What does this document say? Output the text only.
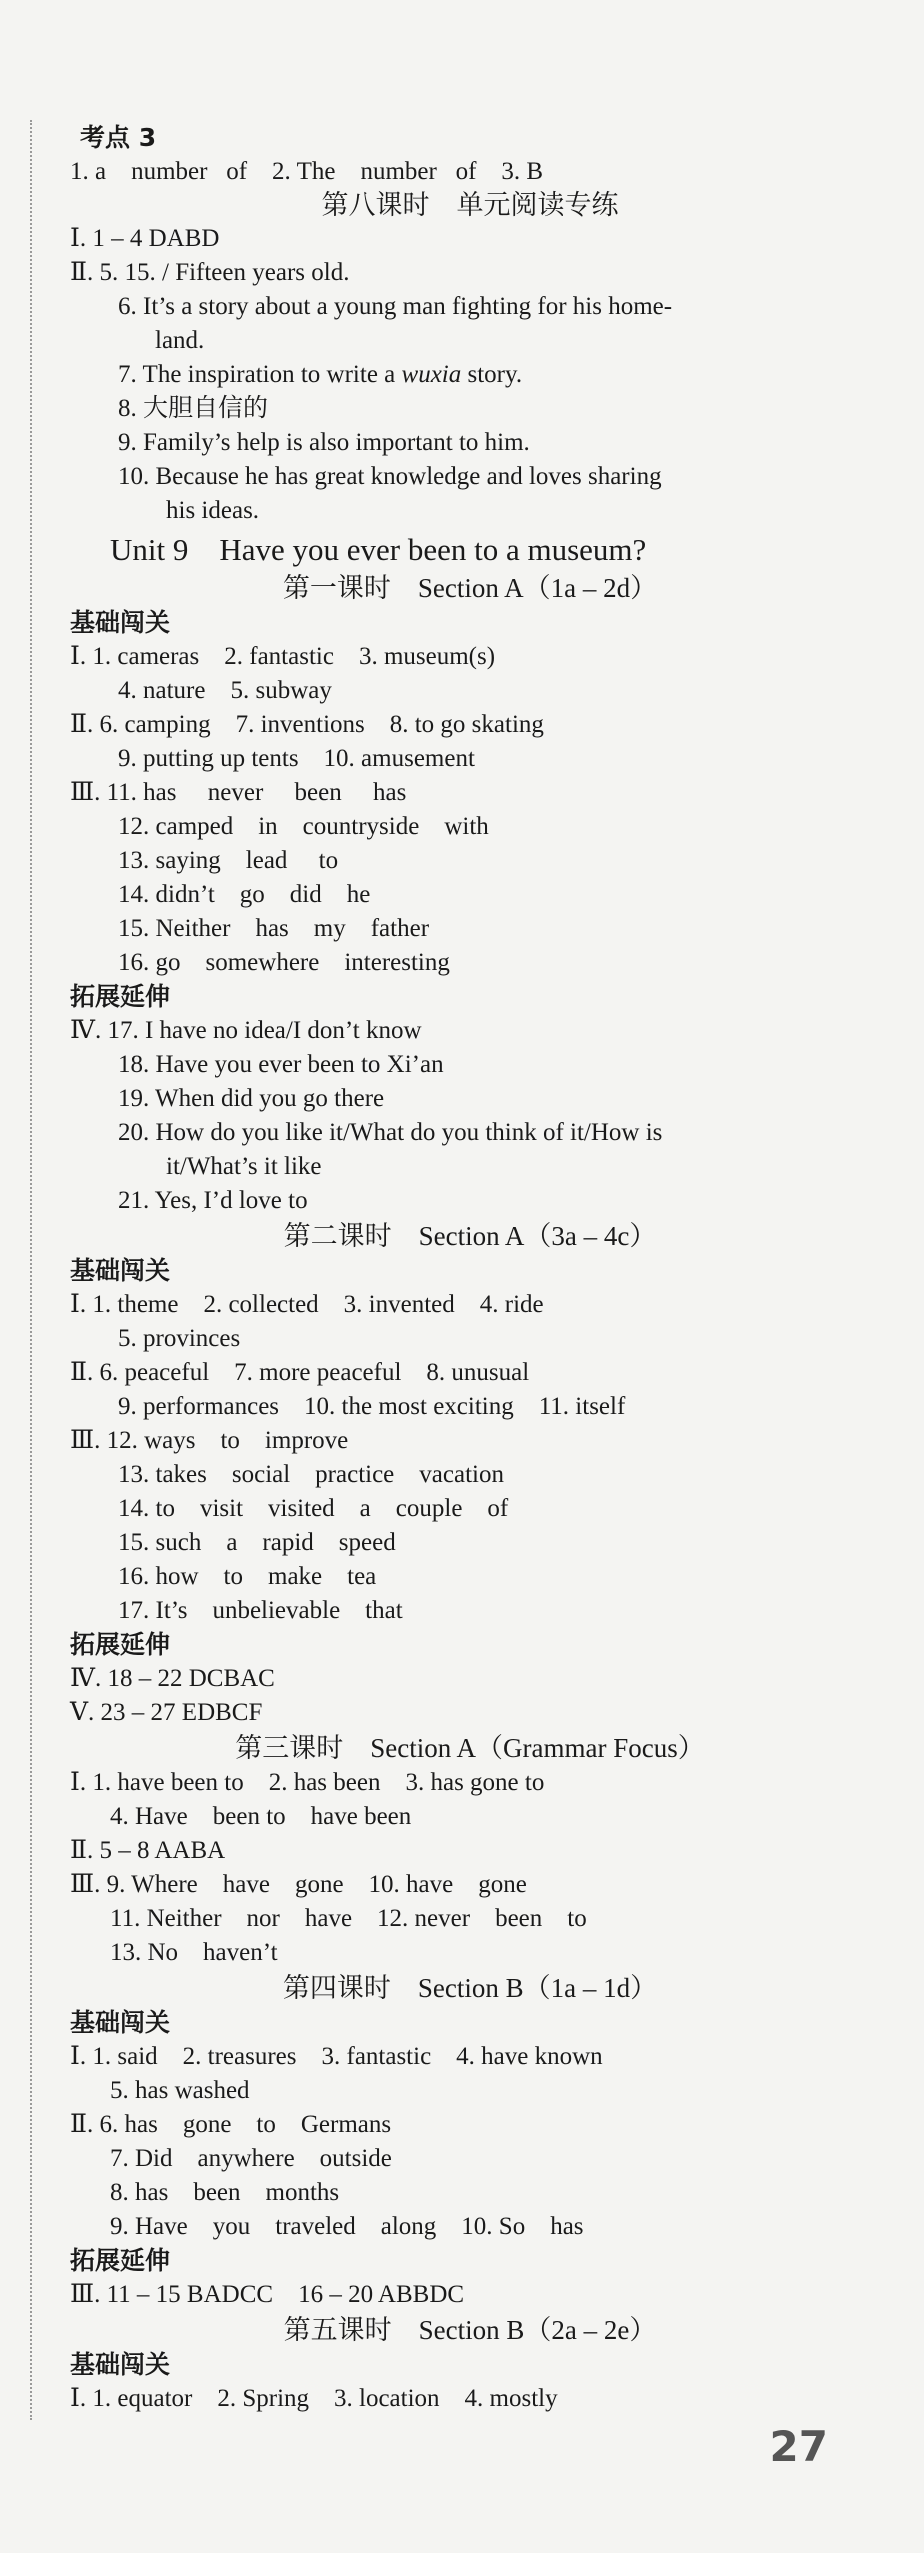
考点 3
1. a    number   of    2. The    number   of    3. B
第八课时    单元阅读专练
Ⅰ. 1 – 4 DABD
Ⅱ. 5. 15. / Fifteen years old.
6. It’s a story about a young man fighting for his home-
land.
7. The inspiration to write a wuxia story.
8. 大胆自信的
9. Family’s help is also important to him.
10. Because he has great knowledge and loves sharing
his ideas.
Unit 9    Have you ever been to a museum?
第一课时    Section A（1a – 2d）
基础闯关
Ⅰ. 1. cameras    2. fantastic    3. museum(s)
4. nature    5. subway
Ⅱ. 6. camping    7. inventions    8. to go skating
9. putting up tents    10. amusement
Ⅲ. 11. has     never     been     has
12. camped    in    countryside    with
13. saying    lead     to
14. didn’t    go    did    he
15. Neither    has    my    father
16. go    somewhere    interesting
拓展延伸
Ⅳ. 17. I have no idea/I don’t know
18. Have you ever been to Xi’an
19. When did you go there
20. How do you like it/What do you think of it/How is
it/What’s it like
21. Yes, I’d love to
第二课时    Section A（3a – 4c）
基础闯关
Ⅰ. 1. theme    2. collected    3. invented    4. ride
5. provinces
Ⅱ. 6. peaceful    7. more peaceful    8. unusual
9. performances    10. the most exciting    11. itself
Ⅲ. 12. ways    to    improve
13. takes    social    practice    vacation
14. to    visit    visited    a    couple    of
15. such    a    rapid    speed
16. how    to    make    tea
17. It’s    unbelievable    that
拓展延伸
Ⅳ. 18 – 22 DCBAC
Ⅴ. 23 – 27 EDBCF
第三课时    Section A（Grammar Focus）
Ⅰ. 1. have been to    2. has been    3. has gone to
4. Have    been to    have been
Ⅱ. 5 – 8 AABA
Ⅲ. 9. Where    have    gone    10. have    gone
11. Neither    nor    have    12. never    been    to
13. No    haven’t
第四课时    Section B（1a – 1d）
基础闯关
Ⅰ. 1. said    2. treasures    3. fantastic    4. have known
5. has washed
Ⅱ. 6. has    gone    to    Germans
7. Did    anywhere    outside
8. has    been    months
9. Have    you    traveled    along    10. So    has
拓展延伸
Ⅲ. 11 – 15 BADCC    16 – 20 ABBDC
第五课时    Section B（2a – 2e）
基础闯关
Ⅰ. 1. equator    2. Spring    3. location    4. mostly
27
